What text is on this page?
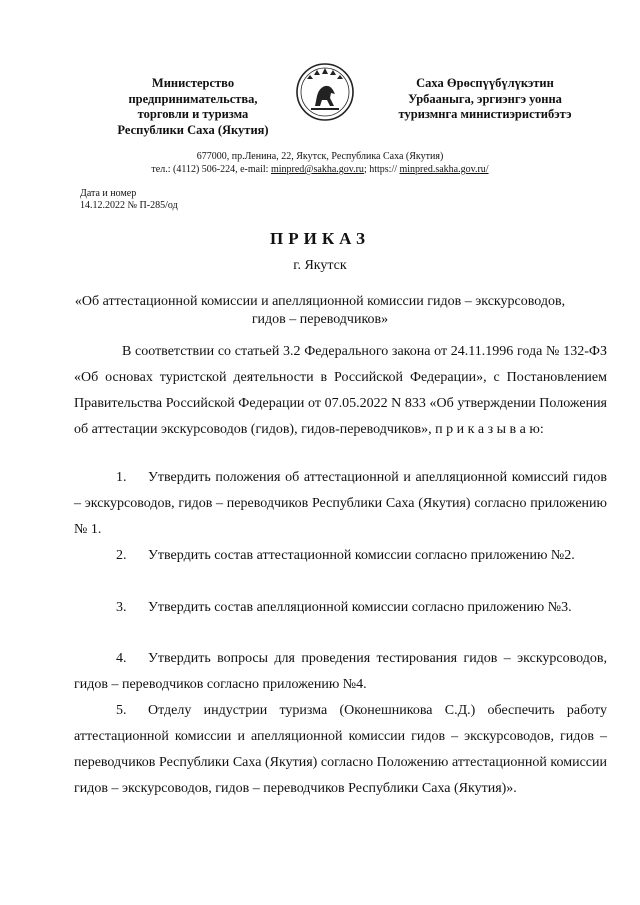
Министерство
предпринимательства,
торговли и туризма
Республики Саха (Якутия)
Саха Өрөспүүбүлүкэтин
Урбааныга, эргиэнгэ уонна
туризмнга министиэристибэтэ
677000, пр.Ленина, 22, Якутск, Республика Саха (Якутия)
тел.: (4112) 506-224, e-mail: minpred@sakha.gov.ru; https:// minpred.sakha.gov.ru/
Дата и номер
14.12.2022 № П-285/од
ПРИКАЗ
г. Якутск
«Об аттестационной комиссии и апелляционной комиссии гидов – экскурсоводов, гидов – переводчиков»
В соответствии со статьей 3.2 Федерального закона от 24.11.1996 года № 132-ФЗ «Об основах туристской деятельности в Российской Федерации», с Постановлением Правительства Российской Федерации от 07.05.2022 N 833 «Об утверждении Положения об аттестации экскурсоводов (гидов), гидов-переводчиков», п р и к а з ы в а ю:
1. Утвердить положения об аттестационной и апелляционной комиссий гидов – экскурсоводов, гидов – переводчиков Республики Саха (Якутия) согласно приложению № 1.
2. Утвердить состав аттестационной комиссии согласно приложению №2.
3. Утвердить состав апелляционной комиссии согласно приложению №3.
4. Утвердить вопросы для проведения тестирования гидов – экскурсоводов, гидов – переводчиков согласно приложению №4.
5. Отделу индустрии туризма (Оконешникова С.Д.) обеспечить работу аттестационной комиссии и апелляционной комиссии гидов – экскурсоводов, гидов – переводчиков Республики Саха (Якутия) согласно Положению аттестационной комиссии гидов – экскурсоводов, гидов – переводчиков Республики Саха (Якутия)».
